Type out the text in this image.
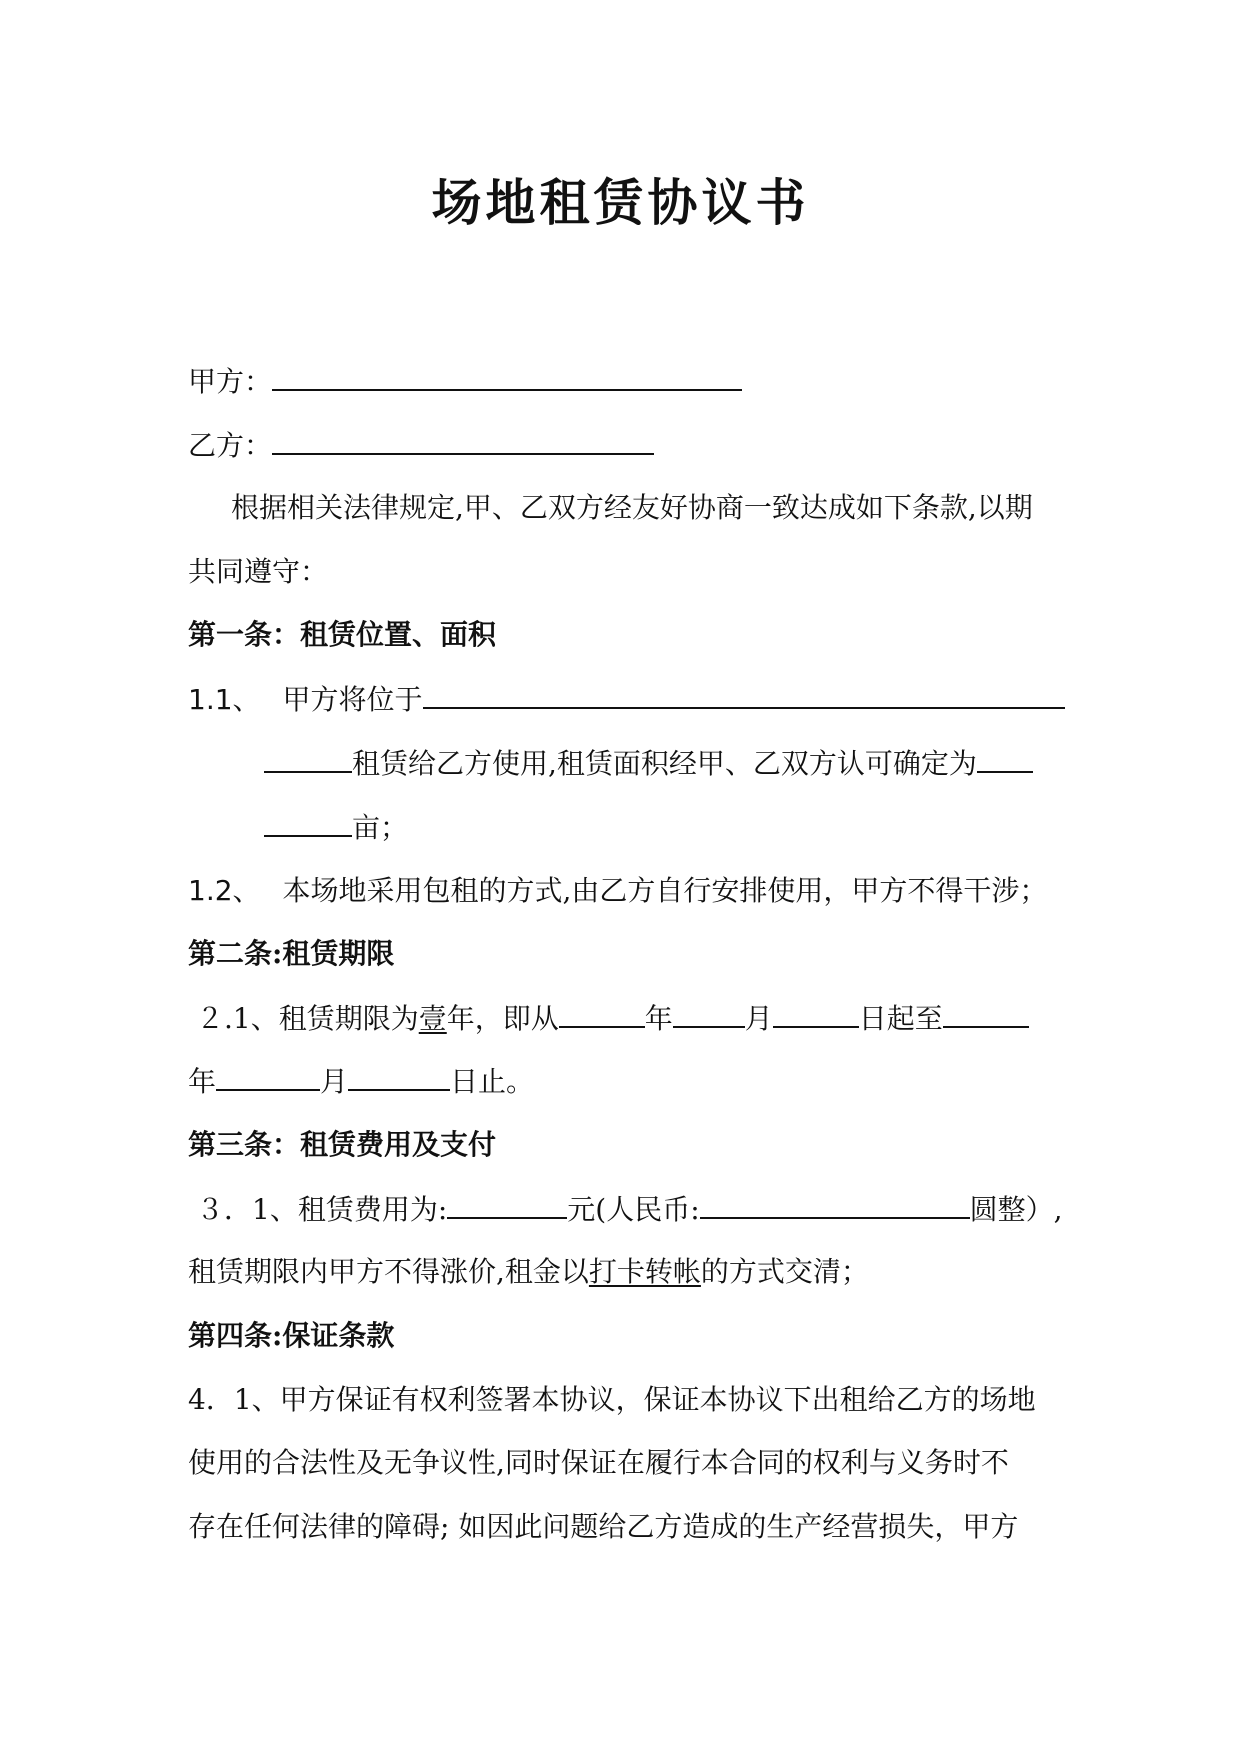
场地租赁协议书
甲方：
乙方：
根据相关法律规定,甲、乙双方经友好协商一致达成如下条款,以期
共同遵守：
第一条：租赁位置、面积
1.1、 甲方将位于
租赁给乙方使用,租赁面积经甲、乙双方认可确定为
亩；
1.2、 本场地采用包租的方式,由乙方自行安排使用，甲方不得干涉；
第二条:租赁期限
２.1、租赁期限为壹年，即从	年	月	日起至
年	月	日止。
第三条：租赁费用及支付
３．1、租赁费用为:	元(人民币:	圆整）,
租赁期限内甲方不得涨价,租金以打卡转帐的方式交清；
第四条:保证条款
4．1、甲方保证有权利签署本协议，保证本协议下出租给乙方的场地
使用的合法性及无争议性,同时保证在履行本合同的权利与义务时不
存在任何法律的障碍; 如因此问题给乙方造成的生产经营损失，甲方
